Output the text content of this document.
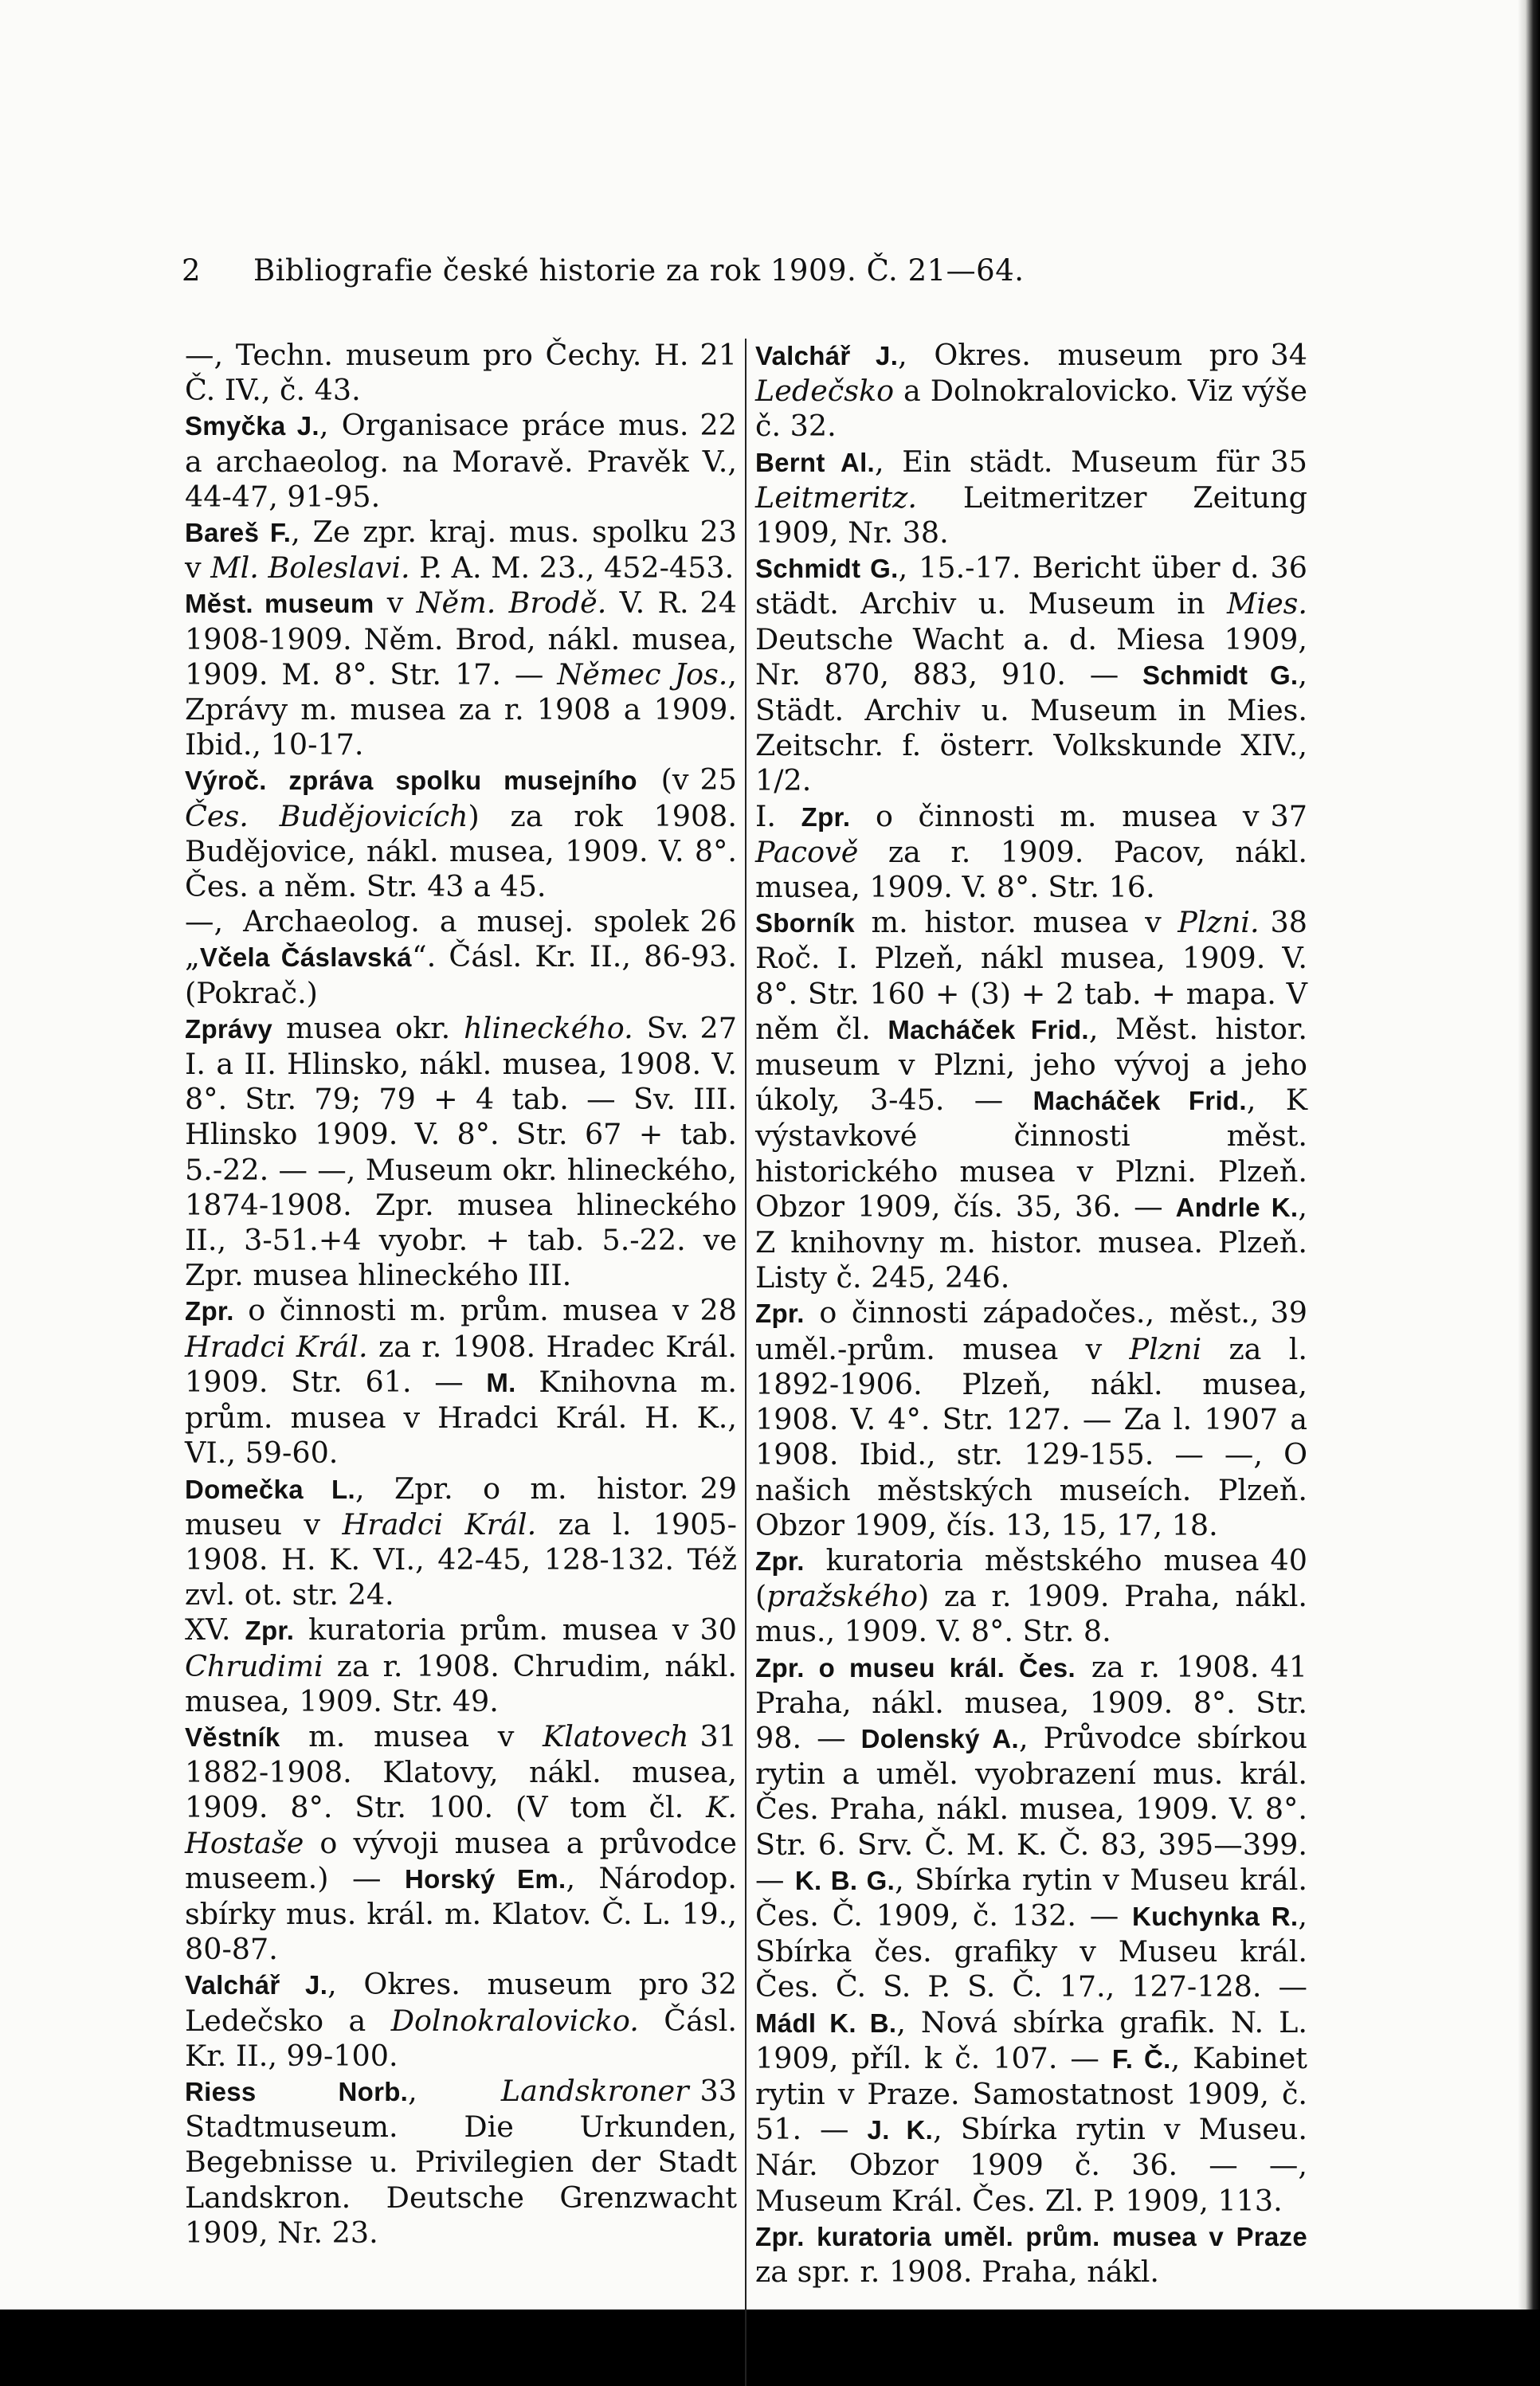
2 Bibliografie české historie za rok 1909. Č. 21—64.
21
—, Techn. museum pro Čechy. H. Č. IV., č. 43.
22
Smyčka J., Organisace práce mus. a archaeolog. na Moravě. Pravěk V., 44-47, 91-95.
23
Bareš F., Ze zpr. kraj. mus. spolku v Ml. Boleslavi. P. A. M. 23., 452-453.
24
Měst. museum v Něm. Brodě. V. R. 1908-1909. Něm. Brod, nákl. musea, 1909. M. 8°. Str. 17. — Němec Jos., Zprávy m. musea za r. 1908 a 1909. Ibid., 10-17.
25
Výroč. zpráva spolku musejního (v Čes. Budějovicích) za rok 1908. Budějovice, nákl. musea, 1909. V. 8°. Čes. a něm. Str. 43 a 45.
26
—, Archaeolog. a musej. spolek „Včela Čáslavská“. Čásl. Kr. II., 86-93. (Pokrač.)
27
Zprávy musea okr. hlineckého. Sv. I. a II. Hlinsko, nákl. musea, 1908. V. 8°. Str. 79; 79 + 4 tab. — Sv. III. Hlinsko 1909. V. 8°. Str. 67 + tab. 5.-22. — —, Museum okr. hlineckého, 1874-1908. Zpr. musea hlineckého II., 3-51.+4 vyobr. + tab. 5.-22. ve Zpr. musea hlineckého III.
28
Zpr. o činnosti m. prům. musea v Hradci Král. za r. 1908. Hradec Král. 1909. Str. 61. — M. Knihovna m. prům. musea v Hradci Král. H. K., VI., 59-60.
29
Domečka L., Zpr. o m. histor. museu v Hradci Král. za l. 1905-1908. H. K. VI., 42-45, 128-132. Též zvl. ot. str. 24.
30
XV. Zpr. kuratoria prům. musea v Chrudimi za r. 1908. Chrudim, nákl. musea, 1909. Str. 49.
31
Věstník m. musea v Klatovech 1882-1908. Klatovy, nákl. musea, 1909. 8°. Str. 100. (V tom čl. K. Hostaše o vývoji musea a průvodce museem.) — Horský Em., Národop. sbírky mus. král. m. Klatov. Č. L. 19., 80-87.
32
Valchář J., Okres. museum pro Ledečsko a Dolnokralovicko. Čásl. Kr. II., 99-100.
33
Riess Norb., Landskroner Stadtmuseum. Die Urkunden, Begebnisse u. Privilegien der Stadt Landskron. Deutsche Grenzwacht 1909, Nr. 23.
34
Valchář J., Okres. museum pro Ledečsko a Dolnokralovicko. Viz výše č. 32.
35
Bernt Al., Ein städt. Museum für Leitmeritz. Leitmeritzer Zeitung 1909, Nr. 38.
36
Schmidt G., 15.-17. Bericht über d. städt. Archiv u. Museum in Mies. Deutsche Wacht a. d. Miesa 1909, Nr. 870, 883, 910. — Schmidt G., Städt. Archiv u. Museum in Mies. Zeitschr. f. österr. Volkskunde XIV., 1/2.
37
I. Zpr. o činnosti m. musea v Pacově za r. 1909. Pacov, nákl. musea, 1909. V. 8°. Str. 16.
38
Sborník m. histor. musea v Plzni. Roč. I. Plzeň, nákl musea, 1909. V. 8°. Str. 160 + (3) + 2 tab. + mapa. V něm čl. Macháček Frid., Měst. histor. museum v Plzni, jeho vývoj a jeho úkoly, 3-45. — Macháček Frid., K výstavkové činnosti měst. historického musea v Plzni. Plzeň. Obzor 1909, čís. 35, 36. — Andrle K., Z knihovny m. histor. musea. Plzeň. Listy č. 245, 246.
39
Zpr. o činnosti západočes., měst., uměl.-prům. musea v Plzni za l. 1892-1906. Plzeň, nákl. musea, 1908. V. 4°. Str. 127. — Za l. 1907 a 1908. Ibid., str. 129-155. — —, O našich městských museích. Plzeň. Obzor 1909, čís. 13, 15, 17, 18.
40
Zpr. kuratoria městského musea (pražského) za r. 1909. Praha, nákl. mus., 1909. V. 8°. Str. 8.
41
Zpr. o museu král. Čes. za r. 1908. Praha, nákl. musea, 1909. 8°. Str. 98. — Dolenský A., Průvodce sbírkou rytin a uměl. vyobrazení mus. král. Čes. Praha, nákl. musea, 1909. V. 8°. Str. 6. Srv. Č. M. K. Č. 83, 395—399. — K. B. G., Sbírka rytin v Museu král. Čes. Č. 1909, č. 132. — Kuchynka R., Sbírka čes. grafiky v Museu král. Čes. Č. S. P. S. Č. 17., 127-128. — Mádl K. B., Nová sbírka grafik. N. L. 1909, příl. k č. 107. — F. Č., Kabinet rytin v Praze. Samostatnost 1909, č. 51. — J. K., Sbírka rytin v Museu. Nár. Obzor 1909 č. 36. — —, Museum Král. Čes. Zl. P. 1909, 113.
Zpr. kuratoria uměl. prům. musea v Praze za spr. r. 1908. Praha, nákl.
